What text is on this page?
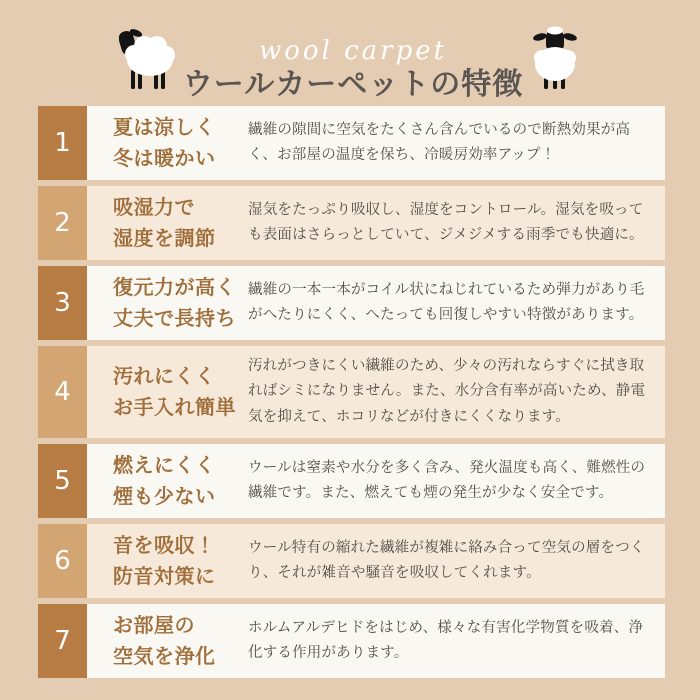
wool carpet
ウールカーペットの特徴
1
夏は涼しく
冬は暖かい

繊維の隙間に空気をたくさん含んでいるので断熱効果が高く、お部屋の温度を保ち、冷暖房効率アップ！

2
吸湿力で
湿度を調節

湿気をたっぷり吸収し、湿度をコントロール。湿気を吸っても表面はさらっとしていて、ジメジメする雨季でも快適に。

3
復元力が高く
丈夫で長持ち

繊維の一本一本がコイル状にねじれているため弾力があり毛がへたりにくく、へたっても回復しやすい特徴があります。

4
汚れにくく
お手入れ簡単

汚れがつきにくい繊維のため、少々の汚れならすぐに拭き取ればシミになりません。また、水分含有率が高いため、静電気を抑えて、ホコリなどが付きにくくなります。

5
燃えにくく
煙も少ない

ウールは窒素や水分を多く含み、発火温度も高く、難燃性の繊維です。また、燃えても煙の発生が少なく安全です。

6
音を吸収！
防音対策に

ウール特有の縮れた繊維が複雑に絡み合って空気の層をつくり、それが雑音や騒音を吸収してくれます。

7
お部屋の
空気を浄化

ホルムアルデヒドをはじめ、様々な有害化学物質を吸着、浄化する作用があります。
